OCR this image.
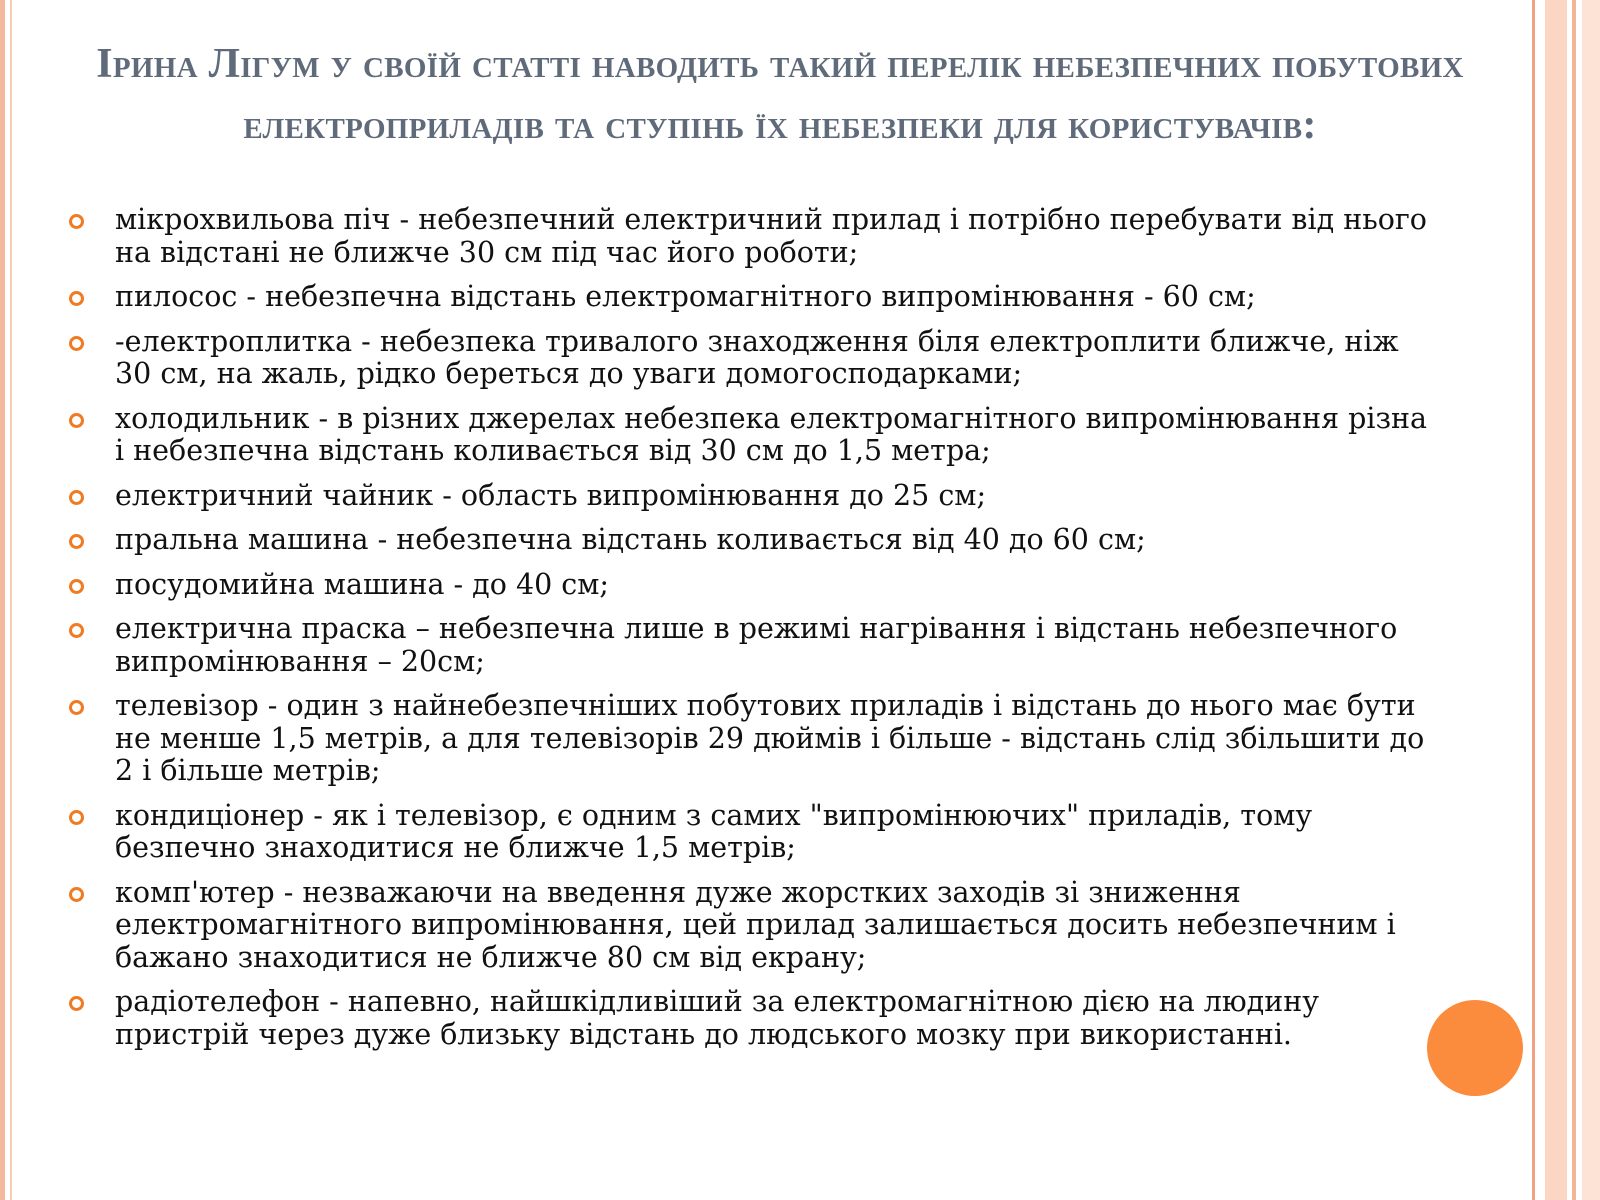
Ірина Лігум у своїй статті наводить такий перелік небезпечних побутових електроприладів та ступінь їх небезпеки для користувачів:
мікрохвильова піч - небезпечний електричний прилад і потрібно перебувати від нього на відстані не ближче 30 см під час його роботи;
пилосос - небезпечна відстань електромагнітного випромінювання - 60 см;
-електроплитка - небезпека тривалого знаходження біля електроплити ближче, ніж 30 см, на жаль, рідко береться до уваги домогосподарками;
холодильник - в різних джерелах небезпека електромагнітного випромінювання різна і небезпечна відстань коливається від 30 см до 1,5 метра;
електричний чайник - область випромінювання до 25 см;
пральна машина - небезпечна відстань коливається від 40 до 60 см;
посудомийна машина - до 40 см;
електрична праска – небезпечна лише в режимі нагрівання і відстань небезпечного випромінювання – 20см;
телевізор - один з найнебезпечніших побутових приладів і відстань до нього має бути не менше 1,5 метрів, а для телевізорів 29 дюймів і більше - відстань слід збільшити до 2 і більше метрів;
кондиціонер - як і телевізор, є одним з самих "випромінюючих" приладів, тому безпечно знаходитися не ближче 1,5 метрів;
комп'ютер - незважаючи на введення дуже жорстких заходів зі зниження електромагнітного випромінювання, цей прилад залишається досить небезпечним і бажано знаходитися не ближче 80 см від екрану;
радіотелефон - напевно, найшкідливіший за електромагнітною дією на людину пристрій через дуже близьку відстань до людського мозку при використанні.
